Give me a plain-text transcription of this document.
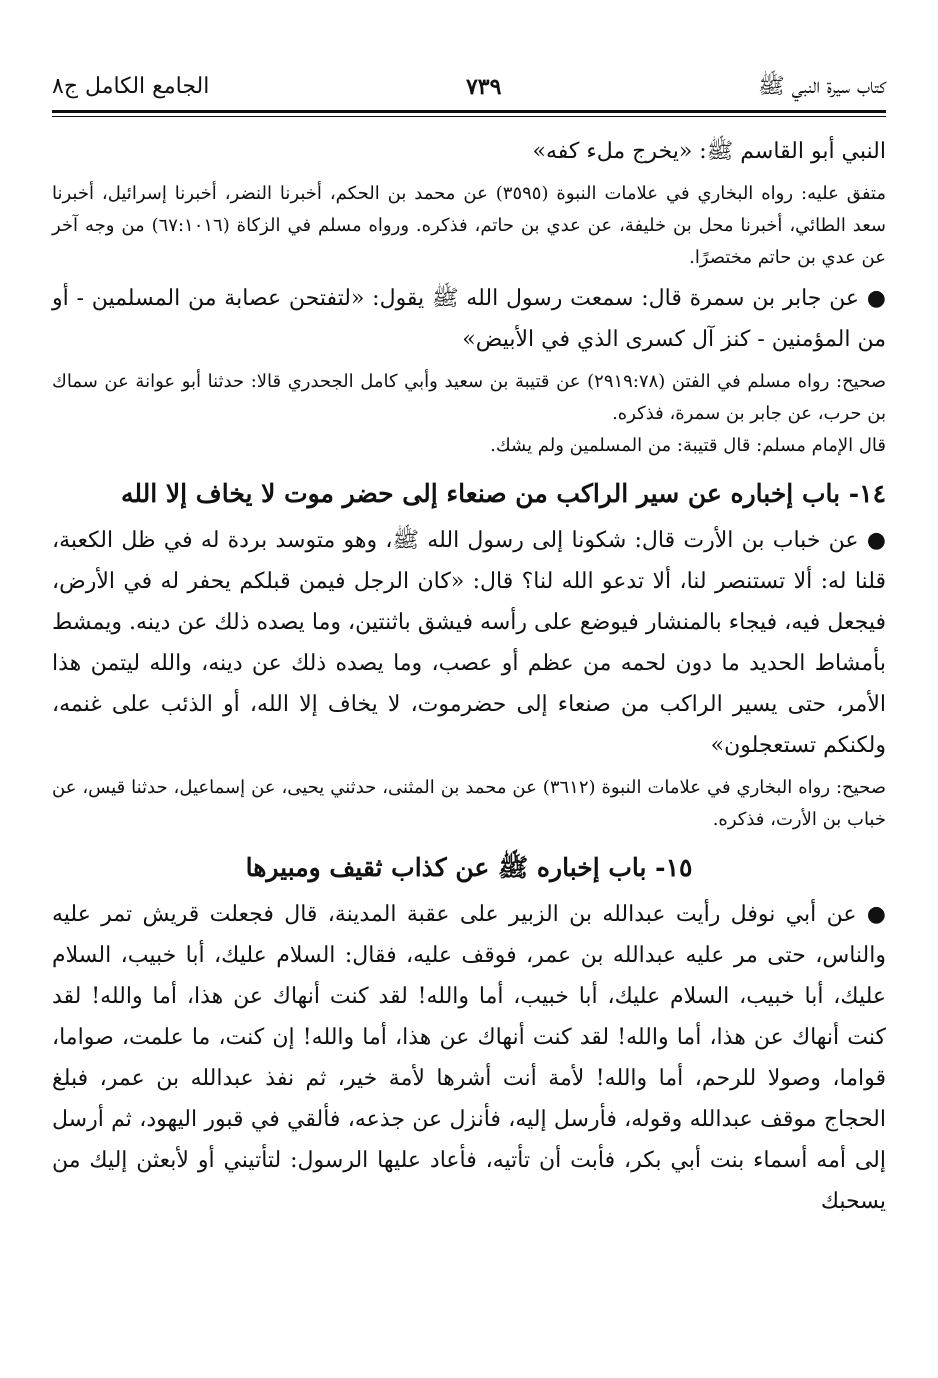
كتاب سيرة النبي ﷺ
٧٣٩
الجامع الكامل ج٨

النبي أبو القاسم ﷺ: «يخرج ملء كفه»

متفق عليه: رواه البخاري في علامات النبوة (٣٥٩٥) عن محمد بن الحكم، أخبرنا النضر، أخبرنا إسرائيل، أخبرنا سعد الطائي، أخبرنا محل بن خليفة، عن عدي بن حاتم، فذكره. ورواه مسلم في الزكاة (٦٧:١٠١٦) من وجه آخر عن عدي بن حاتم مختصرًا.

● عن جابر بن سمرة قال: سمعت رسول الله ﷺ يقول: «لتفتحن عصابة من المسلمين - أو من المؤمنين - كنز آل كسرى الذي في الأبيض»

صحيح: رواه مسلم في الفتن (٢٩١٩:٧٨) عن قتيبة بن سعيد وأبي كامل الجحدري قالا: حدثنا أبو عوانة عن سماك بن حرب، عن جابر بن سمرة، فذكره.

قال الإمام مسلم: قال قتيبة: من المسلمين ولم يشك.

١٤- باب إخباره عن سير الراكب من صنعاء إلى حضر موت لا يخاف إلا الله

● عن خباب بن الأرت قال: شكونا إلى رسول الله ﷺ، وهو متوسد بردة له في ظل الكعبة، قلنا له: ألا تستنصر لنا، ألا تدعو الله لنا؟ قال: «كان الرجل فيمن قبلكم يحفر له في الأرض، فيجعل فيه، فيجاء بالمنشار فيوضع على رأسه فيشق باثنتين، وما يصده ذلك عن دينه. ويمشط بأمشاط الحديد ما دون لحمه من عظم أو عصب، وما يصده ذلك عن دينه، والله ليتمن هذا الأمر، حتى يسير الراكب من صنعاء إلى حضرموت، لا يخاف إلا الله، أو الذئب على غنمه، ولكنكم تستعجلون»

صحيح: رواه البخاري في علامات النبوة (٣٦١٢) عن محمد بن المثنى، حدثني يحيى، عن إسماعيل، حدثنا قيس، عن خباب بن الأرت، فذكره.

١٥- باب إخباره ﷺ عن كذاب ثقيف ومبيرها

● عن أبي نوفل رأيت عبدالله بن الزبير على عقبة المدينة، قال فجعلت قريش تمر عليه والناس، حتى مر عليه عبدالله بن عمر، فوقف عليه، فقال: السلام عليك، أبا خبيب، السلام عليك، أبا خبيب، السلام عليك، أبا خبيب، أما والله! لقد كنت أنهاك عن هذا، أما والله! لقد كنت أنهاك عن هذا، أما والله! لقد كنت أنهاك عن هذا، أما والله! إن كنت، ما علمت، صواما، قواما، وصولا للرحم، أما والله! لأمة أنت أشرها لأمة خير، ثم نفذ عبدالله بن عمر، فبلغ الحجاج موقف عبدالله وقوله، فأرسل إليه، فأنزل عن جذعه، فألقي في قبور اليهود، ثم أرسل إلى أمه أسماء بنت أبي بكر، فأبت أن تأتيه، فأعاد عليها الرسول: لتأتيني أو لأبعثن إليك من يسحبك
